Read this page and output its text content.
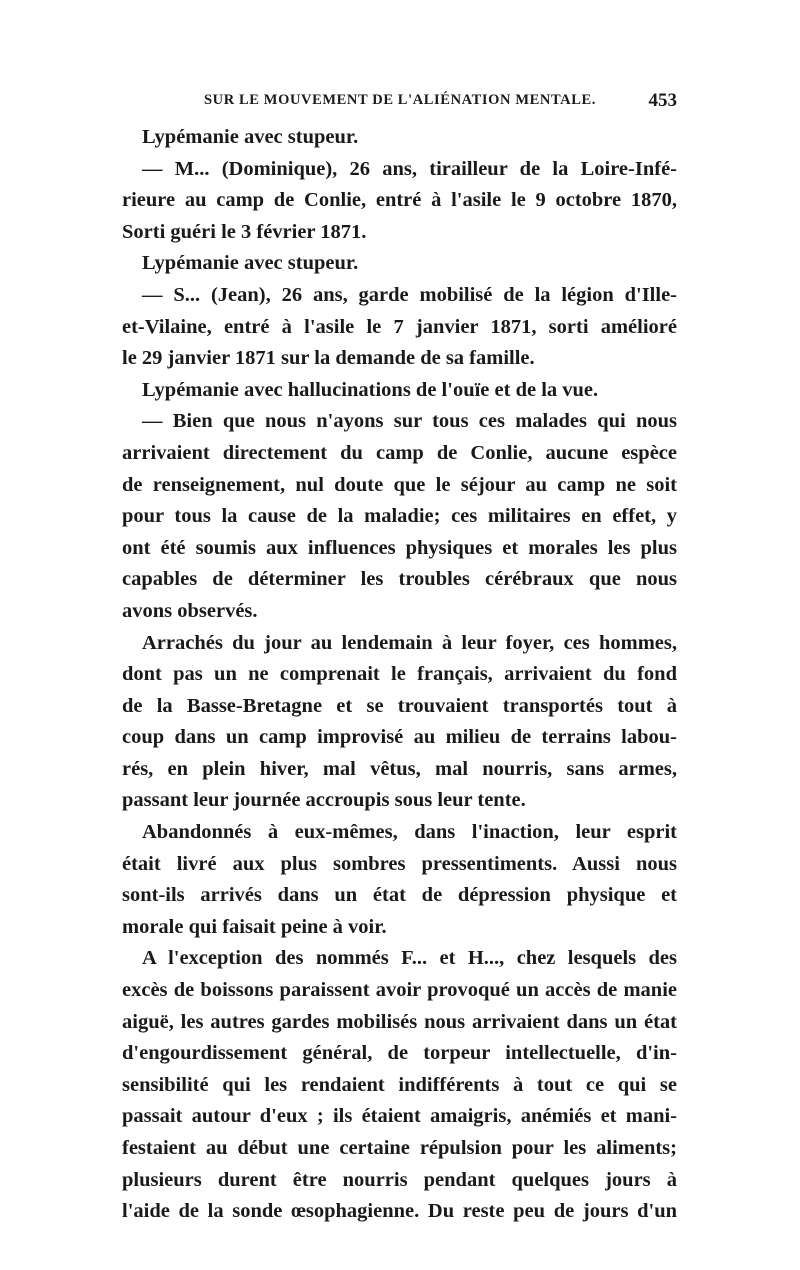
SUR LE MOUVEMENT DE L'ALIÉNATION MENTALE.	453
Lypémanie avec stupeur.
— M... (Dominique), 26 ans, tirailleur de la Loire-Infé-
rieure au camp de Conlie, entré à l'asile le 9 octobre 1870,
Sorti guéri le 3 février 1871.
Lypémanie avec stupeur.
— S... (Jean), 26 ans, garde mobilisé de la légion d'Ille-
et-Vilaine, entré à l'asile le 7 janvier 1871, sorti amélioré
le 29 janvier 1871 sur la demande de sa famille.
Lypémanie avec hallucinations de l'ouïe et de la vue.
— Bien que nous n'ayons sur tous ces malades qui nous
arrivaient directement du camp de Conlie, aucune espèce
de renseignement, nul doute que le séjour au camp ne soit
pour tous la cause de la maladie; ces militaires en effet, y
ont été soumis aux influences physiques et morales les plus
capables de déterminer les troubles cérébraux que nous
avons observés.
Arrachés du jour au lendemain à leur foyer, ces hommes,
dont pas un ne comprenait le français, arrivaient du fond
de la Basse-Bretagne et se trouvaient transportés tout à
coup dans un camp improvisé au milieu de terrains labou-
rés, en plein hiver, mal vêtus, mal nourris, sans armes,
passant leur journée accroupis sous leur tente.
Abandonnés à eux-mêmes, dans l'inaction, leur esprit
était livré aux plus sombres pressentiments. Aussi nous
sont-ils arrivés dans un état de dépression physique et
morale qui faisait peine à voir.
A l'exception des nommés F... et H..., chez lesquels des
excès de boissons paraissent avoir provoqué un accès de manie
aiguë, les autres gardes mobilisés nous arrivaient dans un état
d'engourdissement général, de torpeur intellectuelle, d'in-
sensibilité qui les rendaient indifférents à tout ce qui se
passait autour d'eux ; ils étaient amaigris, anémiés et mani-
festaient au début une certaine répulsion pour les aliments;
plusieurs durent être nourris pendant quelques jours à
l'aide de la sonde œsophagienne. Du reste peu de jours d'un
